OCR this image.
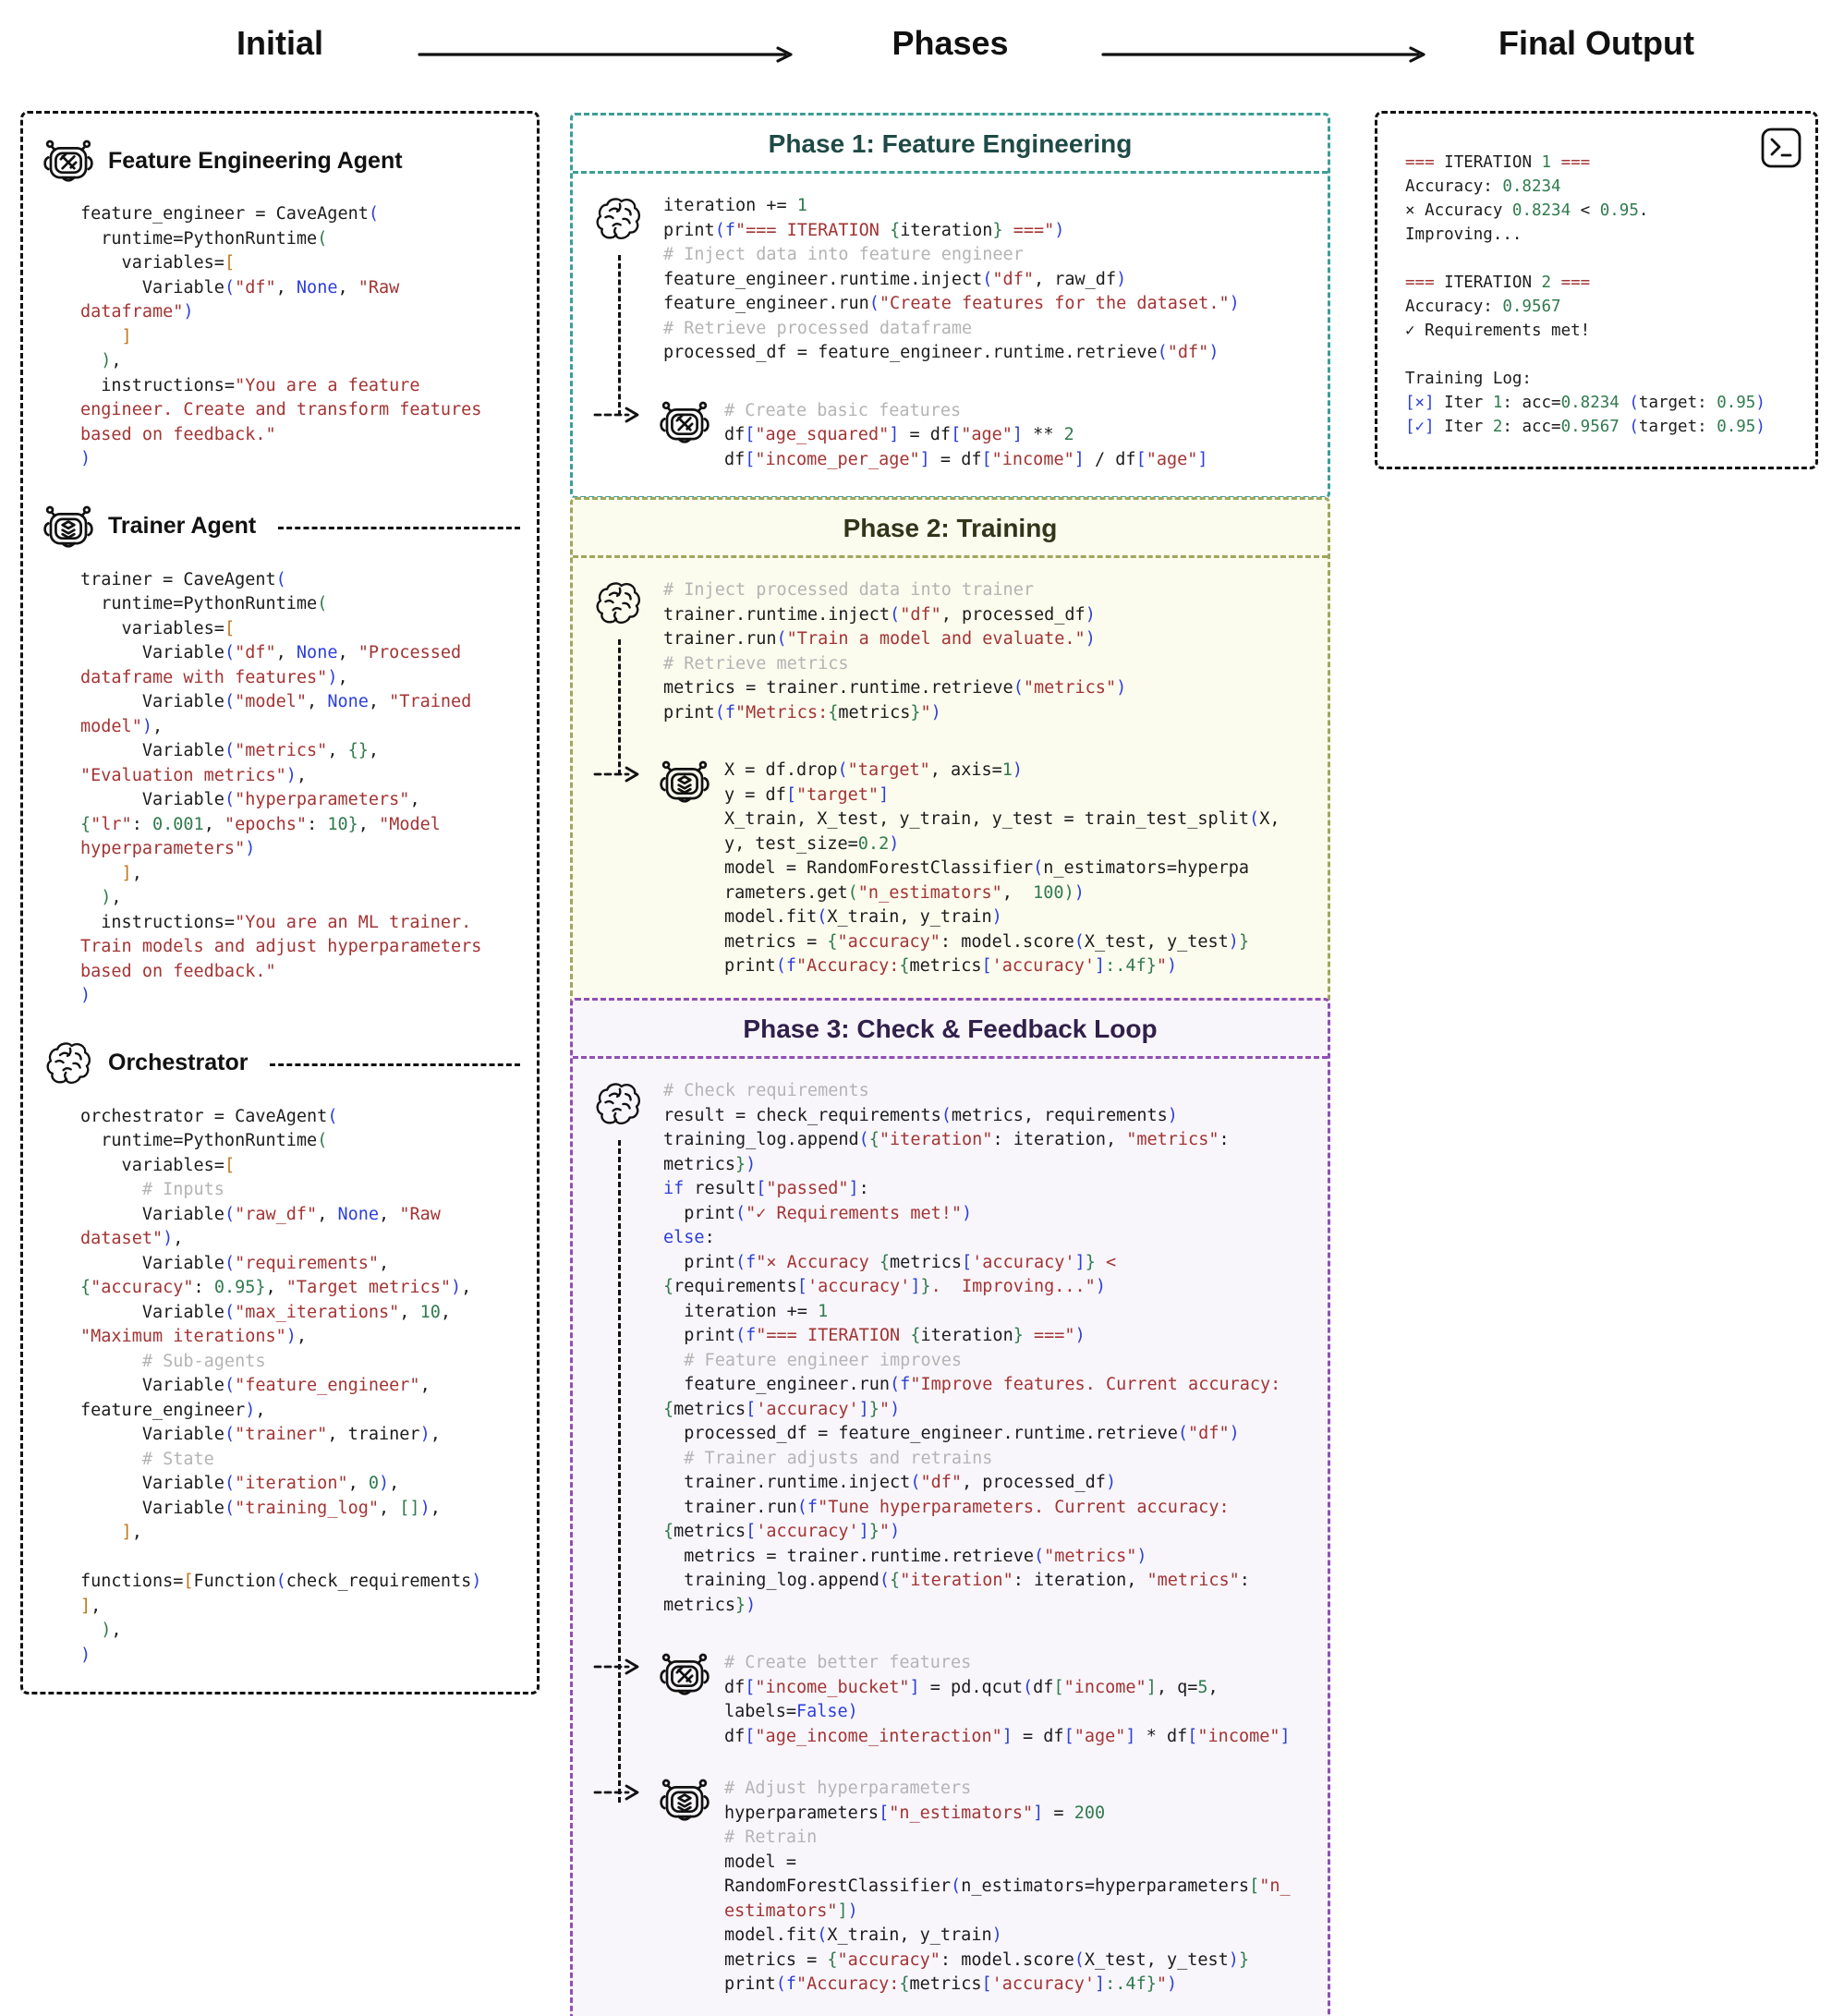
Initial	Phases	Final Output
Feature Engineering Agent
feature_engineer = CaveAgent(
runtime=PythonRuntime(
variables=[
Variable("df", None, "Raw
dataframe")
]
),
instructions="You are a feature
engineer. Create and transform features
based on feedback."
)
Trainer Agent
trainer = CaveAgent(
runtime=PythonRuntime(
variables=[
Variable("df", None, "Processed
dataframe with features"),
Variable("model", None, "Trained
model"),
Variable("metrics", {},
"Evaluation metrics"),
Variable("hyperparameters",
{"lr": 0.001, "epochs": 10}, "Model
hyperparameters")
],
),
instructions="You are an ML trainer.
Train models and adjust hyperparameters
based on feedback."
)
Orchestrator
orchestrator = CaveAgent(
runtime=PythonRuntime(
variables=[
# Inputs
Variable("raw_df", None, "Raw
dataset"),
Variable("requirements",
{"accuracy": 0.95}, "Target metrics"),
Variable("max_iterations", 10,
"Maximum iterations"),
# Sub-agents
Variable("feature_engineer",
feature_engineer),
Variable("trainer", trainer),
# State
Variable("iteration", 0),
Variable("training_log", []),
],

functions=[Function(check_requirements)
],
),
)
Phase 1: Feature Engineering
iteration += 1
print(f"=== ITERATION {iteration} ===")
# Inject data into feature engineer
feature_engineer.runtime.inject("df", raw_df)
feature_engineer.run("Create features for the dataset.")
# Retrieve processed dataframe
processed_df = feature_engineer.runtime.retrieve("df")
# Create basic features
df["age_squared"] = df["age"] ** 2
df["income_per_age"] = df["income"] / df["age"]
Phase 2: Training
# Inject processed data into trainer
trainer.runtime.inject("df", processed_df)
trainer.run("Train a model and evaluate.")
# Retrieve metrics
metrics = trainer.runtime.retrieve("metrics")
print(f"Metrics:{metrics}")
X = df.drop("target", axis=1)
y = df["target"]
X_train, X_test, y_train, y_test = train_test_split(X,
y, test_size=0.2)
model = RandomForestClassifier(n_estimators=hyperpa
rameters.get("n_estimators",  100))
model.fit(X_train, y_train)
metrics = {"accuracy": model.score(X_test, y_test)}
print(f"Accuracy:{metrics['accuracy']:.4f}")
Phase 3: Check & Feedback Loop
# Check requirements
result = check_requirements(metrics, requirements)
training_log.append({"iteration": iteration, "metrics":
metrics})
if result["passed"]:
print("✓ Requirements met!")
else:
print(f"× Accuracy {metrics['accuracy']} <
{requirements['accuracy']}.  Improving...")
iteration += 1
print(f"=== ITERATION {iteration} ===")
# Feature engineer improves
feature_engineer.run(f"Improve features. Current accuracy:
{metrics['accuracy']}")
processed_df = feature_engineer.runtime.retrieve("df")
# Trainer adjusts and retrains
trainer.runtime.inject("df", processed_df)
trainer.run(f"Tune hyperparameters. Current accuracy:
{metrics['accuracy']}")
metrics = trainer.runtime.retrieve("metrics")
training_log.append({"iteration": iteration, "metrics":
metrics})
# Create better features
df["income_bucket"] = pd.qcut(df["income"], q=5,
labels=False)
df["age_income_interaction"] = df["age"] * df["income"]
# Adjust hyperparameters
hyperparameters["n_estimators"] = 200
# Retrain
model =
RandomForestClassifier(n_estimators=hyperparameters["n_
estimators"])
model.fit(X_train, y_train)
metrics = {"accuracy": model.score(X_test, y_test)}
print(f"Accuracy:{metrics['accuracy']:.4f}")
=== ITERATION 1 ===
Accuracy: 0.8234
× Accuracy 0.8234 < 0.95.
Improving...

=== ITERATION 2 ===
Accuracy: 0.9567
✓ Requirements met!

Training Log:
[×] Iter 1: acc=0.8234 (target: 0.95)
[✓] Iter 2: acc=0.9567 (target: 0.95)
